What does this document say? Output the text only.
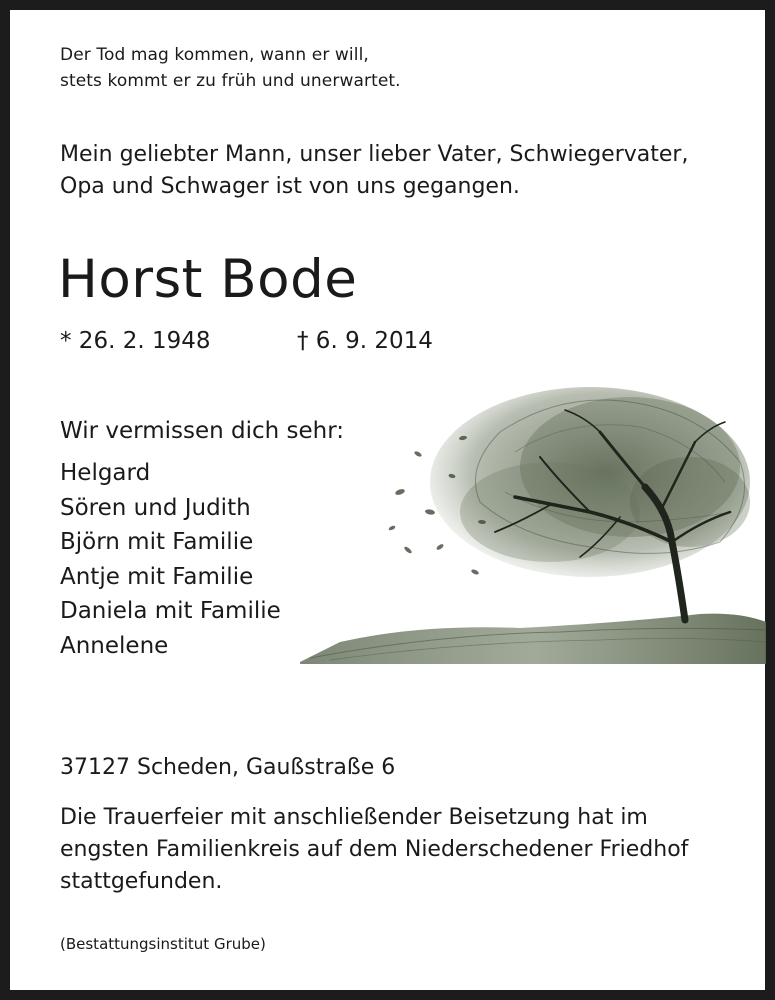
Der Tod mag kommen, wann er will,
stets kommt er zu früh und unerwartet.
Mein geliebter Mann, unser lieber Vater, Schwiegervater,
Opa und Schwager ist von uns gegangen.
Horst Bode
* 26. 2. 1948	† 6. 9. 2014
Wir vermissen dich sehr:
Helgard
Sören und Judith
Björn mit Familie
Antje mit Familie
Daniela mit Familie
Annelene
37127 Scheden, Gaußstraße 6
Die Trauerfeier mit anschließender Beisetzung hat im
engsten Familienkreis auf dem Niederschedener Friedhof
stattgefunden.
(Bestattungsinstitut Grube)
